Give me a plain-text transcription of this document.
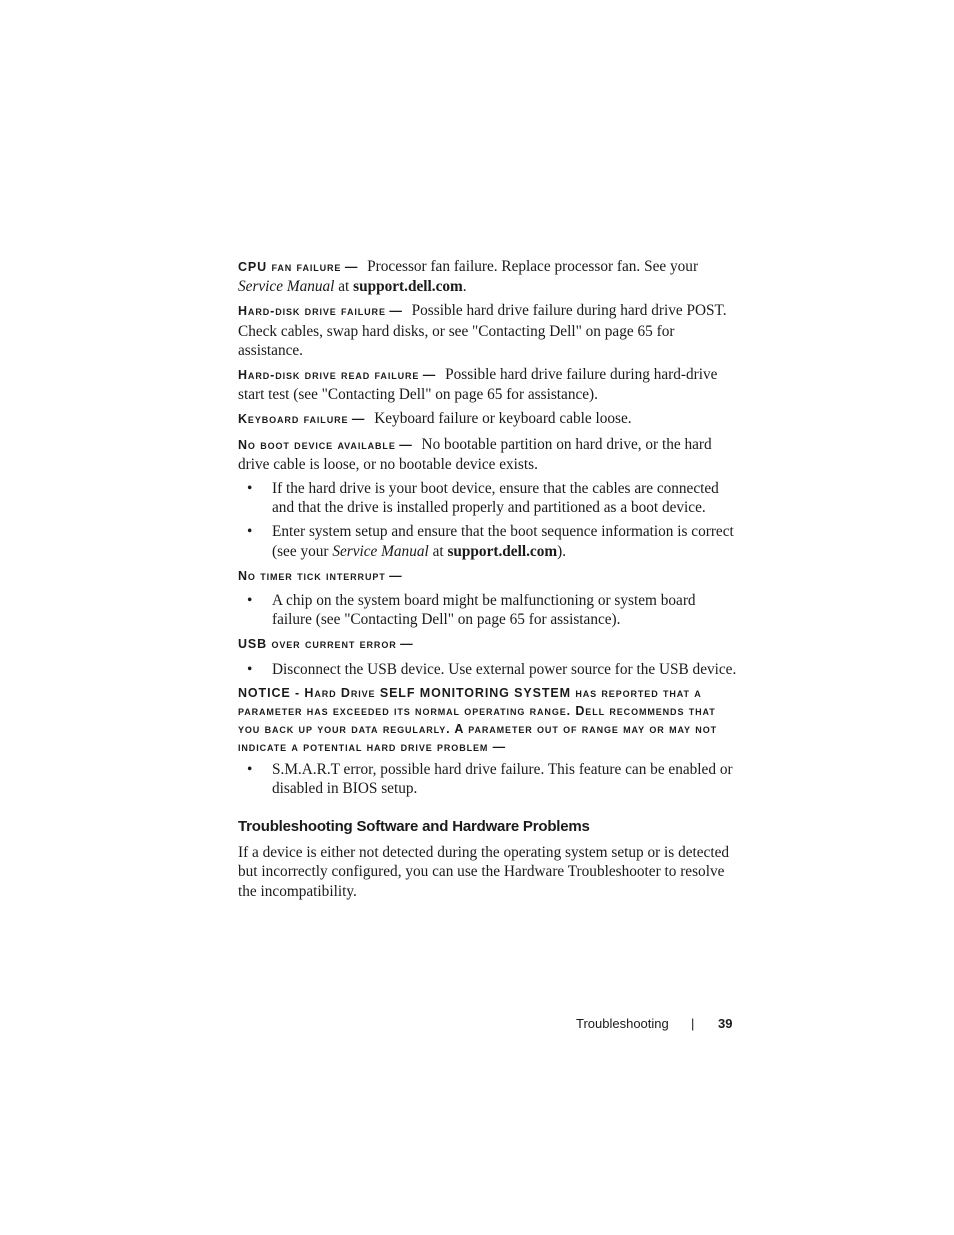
CPU fan failure — Processor fan failure. Replace processor fan. See your Service Manual at support.dell.com.

Hard-disk drive failure — Possible hard drive failure during hard drive POST. Check cables, swap hard disks, or see "Contacting Dell" on page 65 for assistance.

Hard-disk drive read failure — Possible hard drive failure during hard-drive start test (see "Contacting Dell" on page 65 for assistance).

Keyboard failure — Keyboard failure or keyboard cable loose.

No boot device available — No bootable partition on hard drive, or the hard drive cable is loose, or no bootable device exists.

• If the hard drive is your boot device, ensure that the cables are connected and that the drive is installed properly and partitioned as a boot device.
• Enter system setup and ensure that the boot sequence information is correct (see your Service Manual at support.dell.com).

No timer tick interrupt —

• A chip on the system board might be malfunctioning or system board failure (see "Contacting Dell" on page 65 for assistance).

USB over current error —

• Disconnect the USB device. Use external power source for the USB device.

NOTICE - Hard Drive SELF MONITORING SYSTEM has reported that a parameter has exceeded its normal operating range. Dell recommends that you back up your data regularly. A parameter out of range may or may not indicate a potential hard drive problem —

• S.M.A.R.T error, possible hard drive failure. This feature can be enabled or disabled in BIOS setup.
Troubleshooting Software and Hardware Problems

If a device is either not detected during the operating system setup or is detected but incorrectly configured, you can use the Hardware Troubleshooter to resolve the incompatibility.

Troubleshooting | 39
